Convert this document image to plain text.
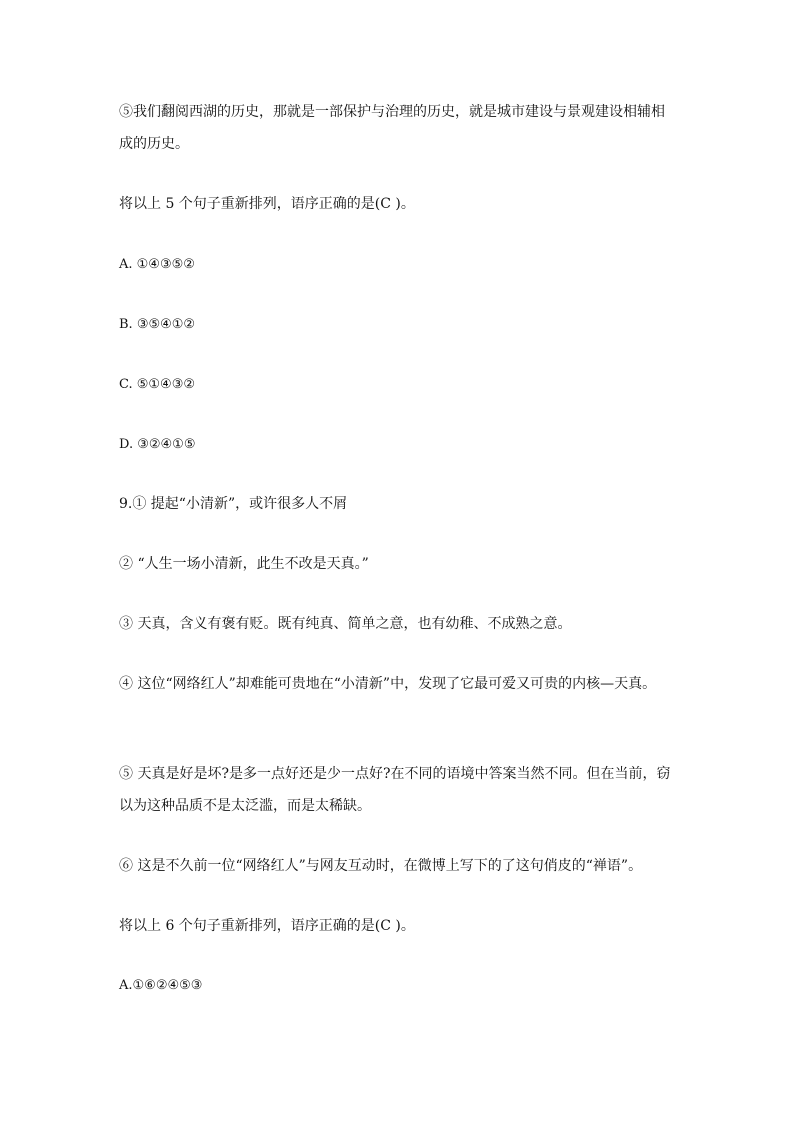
⑤我们翻阅西湖的历史，那就是一部保护与治理的历史，就是城市建设与景观建设相辅相
成的历史。
将以上 5 个句子重新排列，语序正确的是(C )。
A. ①④③⑤②
B. ③⑤④①②
C. ⑤①④③②
D. ③②④①⑤
9.① 提起“小清新”，或许很多人不屑
② “人生一场小清新，此生不改是天真。”
③ 天真，含义有褒有贬。既有纯真、简单之意，也有幼稚、不成熟之意。
④ 这位“网络红人”却难能可贵地在“小清新”中，发现了它最可爱又可贵的内核—天真。
⑤ 天真是好是坏?是多一点好还是少一点好?在不同的语境中答案当然不同。但在当前，窃
以为这种品质不是太泛滥，而是太稀缺。
⑥ 这是不久前一位“网络红人”与网友互动时，在微博上写下的了这句俏皮的“禅语”。
将以上 6 个句子重新排列，语序正确的是(C )。
A.①⑥②④⑤③
